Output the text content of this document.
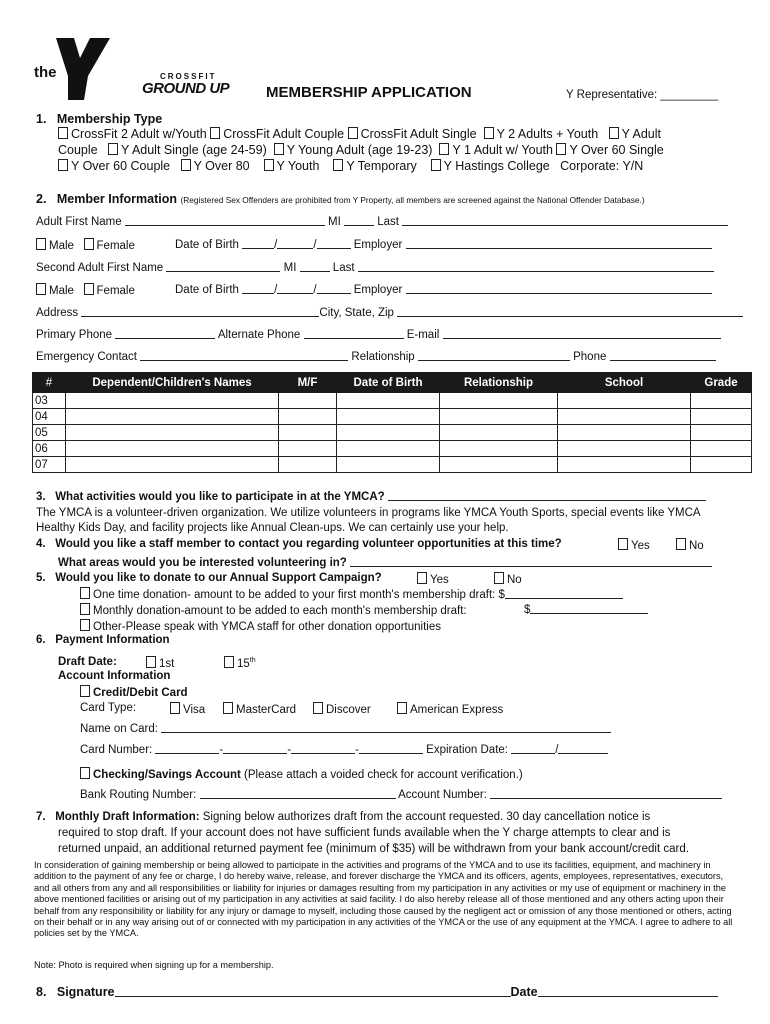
the
YMCA
CROSSFIT
GROUND UP MEMBERSHIP APPLICATION	Y Representative: _________
1. Membership Type
CrossFit 2 Adult w/Youth CrossFit Adult Couple CrossFit Adult Single Y 2 Adults + Youth Y Adult
Couple Y Adult Single (age 24-59) Y Young Adult (age 19-23) Y 1 Adult w/ Youth Y Over 60 Single
Y Over 60 Couple Y Over 80 Y Youth Y Temporary Y Hastings College Corporate: Y/N
2. Member Information (Registered Sex Offenders are prohibited from Y Property, all members are screened against the National Offender Database.)
Adult First Name	MI	Last
Male Female	Date of Birth	/	/	Employer
Second Adult First Name	MI	Last
Male Female	Date of Birth	/	/	Employer
Address	City, State, Zip
Primary Phone	Alternate Phone	E-mail
Emergency Contact	Relationship	Phone
#	Dependent/Children's Names	M/F	Date of Birth	Relationship	School	Grade
03						
04						
05						
06						
07						
3. What activities would you like to participate in at the YMCA?
The YMCA is a volunteer-driven organization. We utilize volunteers in programs like YMCA Youth Sports, special events like YMCA
Healthy Kids Day, and facility projects like Annual Clean-ups. We can certainly use your help.
4. Would you like a staff member to contact you regarding volunteer opportunities at this time?	Yes	No
What areas would you be interested volunteering in?
5. Would you like to donate to our Annual Support Campaign?	Yes	No
One time donation- amount to be added to your first month's membership draft: $
Monthly donation-amount to be added to each month's membership draft:	$
Other-Please speak with YMCA staff for other donation opportunities
6. Payment Information
Draft Date:	1st	15th
Account Information
Credit/Debit Card
Card Type:	Visa	MasterCard	Discover	American Express
Name on Card:
Card Number:	-	-	-	Expiration Date:	/
Checking/Savings Account (Please attach a voided check for account verification.)
Bank Routing Number:	Account Number:
7. Monthly Draft Information: Signing below authorizes draft from the account requested. 30 day cancellation notice is
required to stop draft. If your account does not have sufficient funds available when the Y charge attempts to clear and is
returned unpaid, an additional returned payment fee (minimum of $35) will be withdrawn from your bank account/credit card.
In consideration of gaining membership or being allowed to participate in the activities and programs of the YMCA and to use its facilities, equipment, and machinery in addition to the payment of any fee or charge, I do hereby waive, release, and forever discharge the YMCA and its officers, agents, employees, representatives, executors, and all others from any and all responsibilities or liability for injuries or damages resulting from my participation in any activities or my use of equipment or machinery in the above mentioned facilities or arising out of my participation in any activities at said facility. I do also hereby release all of those mentioned and any others acting upon their behalf from any responsibility or liability for any injury or damage to myself, including those caused by the negligent act or omission of any those mentioned or others, acting on their behalf or in any way arising out of or connected with my participation in any activities of the YMCA or the use of any equipment at the YMCA. I agree to adhere to all policies set by the YMCA.
Note: Photo is required when signing up for a membership.
8. Signature	Date
